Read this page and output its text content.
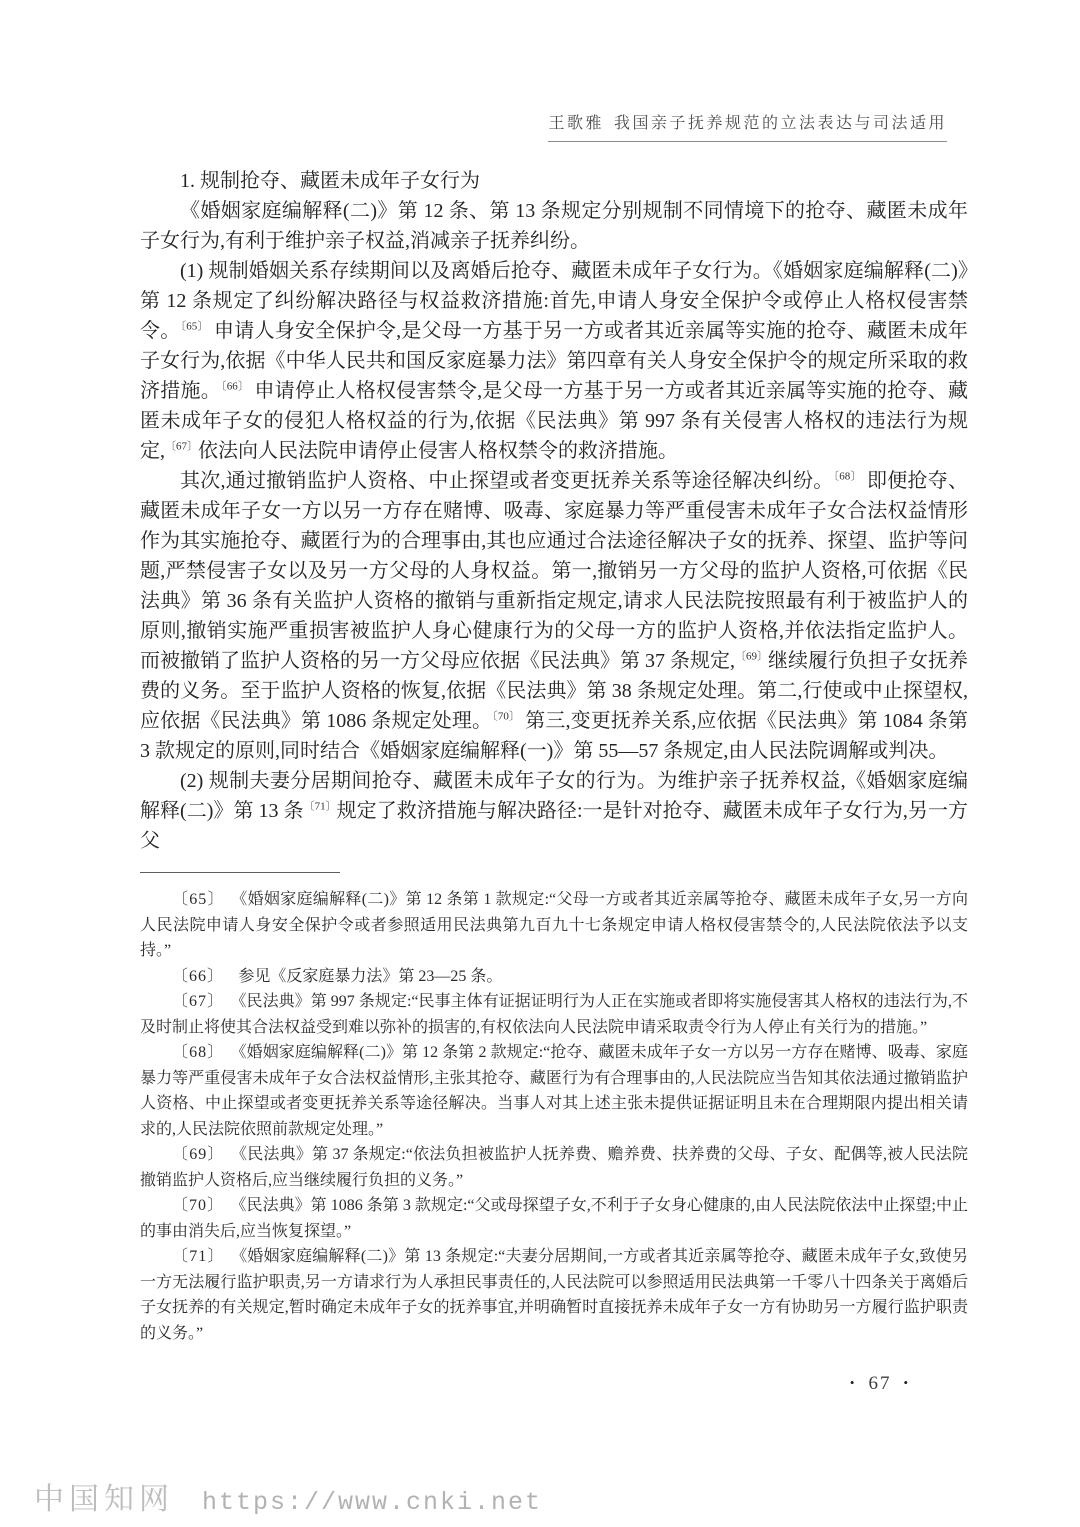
王歌雅 我国亲子抚养规范的立法表达与司法适用

1. 规制抢夺、藏匿未成年子女行为

《婚姻家庭编解释(二)》第 12 条、第 13 条规定分别规制不同情境下的抢夺、藏匿未成年子女行为,有利于维护亲子权益,消减亲子抚养纠纷。

(1) 规制婚姻关系存续期间以及离婚后抢夺、藏匿未成年子女行为。《婚姻家庭编解释(二)》第 12 条规定了纠纷解决路径与权益救济措施:首先,申请人身安全保护令或停止人格权侵害禁令。$^{〔65〕}$ 申请人身安全保护令,是父母一方基于另一方或者其近亲属等实施的抢夺、藏匿未成年子女行为,依据《中华人民共和国反家庭暴力法》第四章有关人身安全保护令的规定所采取的救济措施。$^{〔66〕}$ 申请停止人格权侵害禁令,是父母一方基于另一方或者其近亲属等实施的抢夺、藏匿未成年子女的侵犯人格权益的行为,依据《民法典》第 997 条有关侵害人格权的违法行为规定,$^{〔67〕}$依法向人民法院申请停止侵害人格权禁令的救济措施。

其次,通过撤销监护人资格、中止探望或者变更抚养关系等途径解决纠纷。$^{〔68〕}$ 即便抢夺、藏匿未成年子女一方以另一方存在赌博、吸毒、家庭暴力等严重侵害未成年子女合法权益情形作为其实施抢夺、藏匿行为的合理事由,其也应通过合法途径解决子女的抚养、探望、监护等问题,严禁侵害子女以及另一方父母的人身权益。第一,撤销另一方父母的监护人资格,可依据《民法典》第 36 条有关监护人资格的撤销与重新指定规定,请求人民法院按照最有利于被监护人的原则,撤销实施严重损害被监护人身心健康行为的父母一方的监护人资格,并依法指定监护人。而被撤销了监护人资格的另一方父母应依据《民法典》第 37 条规定,$^{〔69〕}$继续履行负担子女抚养费的义务。至于监护人资格的恢复,依据《民法典》第 38 条规定处理。第二,行使或中止探望权,应依据《民法典》第 1086 条规定处理。$^{〔70〕}$ 第三,变更抚养关系,应依据《民法典》第 1084 条第 3 款规定的原则,同时结合《婚姻家庭编解释(一)》第 55—57 条规定,由人民法院调解或判决。

(2) 规制夫妻分居期间抢夺、藏匿未成年子女的行为。为维护亲子抚养权益,《婚姻家庭编解释(二)》第 13 条$^{〔71〕}$规定了救济措施与解决路径:一是针对抢夺、藏匿未成年子女行为,另一方父

〔65〕 《婚姻家庭编解释(二)》第 12 条第 1 款规定:“父母一方或者其近亲属等抢夺、藏匿未成年子女,另一方向人民法院申请人身安全保护令或者参照适用民法典第九百九十七条规定申请人格权侵害禁令的,人民法院依法予以支持。”

〔66〕 参见《反家庭暴力法》第 23—25 条。

〔67〕 《民法典》第 997 条规定:“民事主体有证据证明行为人正在实施或者即将实施侵害其人格权的违法行为,不及时制止将使其合法权益受到难以弥补的损害的,有权依法向人民法院申请采取责令行为人停止有关行为的措施。”

〔68〕 《婚姻家庭编解释(二)》第 12 条第 2 款规定:“抢夺、藏匿未成年子女一方以另一方存在赌博、吸毒、家庭暴力等严重侵害未成年子女合法权益情形,主张其抢夺、藏匿行为有合理事由的,人民法院应当告知其依法通过撤销监护人资格、中止探望或者变更抚养关系等途径解决。当事人对其上述主张未提供证据证明且未在合理期限内提出相关请求的,人民法院依照前款规定处理。”

〔69〕 《民法典》第 37 条规定:“依法负担被监护人抚养费、赡养费、扶养费的父母、子女、配偶等,被人民法院撤销监护人资格后,应当继续履行负担的义务。”

〔70〕 《民法典》第 1086 条第 3 款规定:“父或母探望子女,不利于子女身心健康的,由人民法院依法中止探望;中止的事由消失后,应当恢复探望。”

〔71〕 《婚姻家庭编解释(二)》第 13 条规定:“夫妻分居期间,一方或者其近亲属等抢夺、藏匿未成年子女,致使另一方无法履行监护职责,另一方请求行为人承担民事责任的,人民法院可以参照适用民法典第一千零八十四条关于离婚后子女抚养的有关规定,暂时确定未成年子女的抚养事宜,并明确暂时直接抚养未成年子女一方有协助另一方履行监护职责的义务。”

• 67 •
中国知网 https://www.cnki.net
